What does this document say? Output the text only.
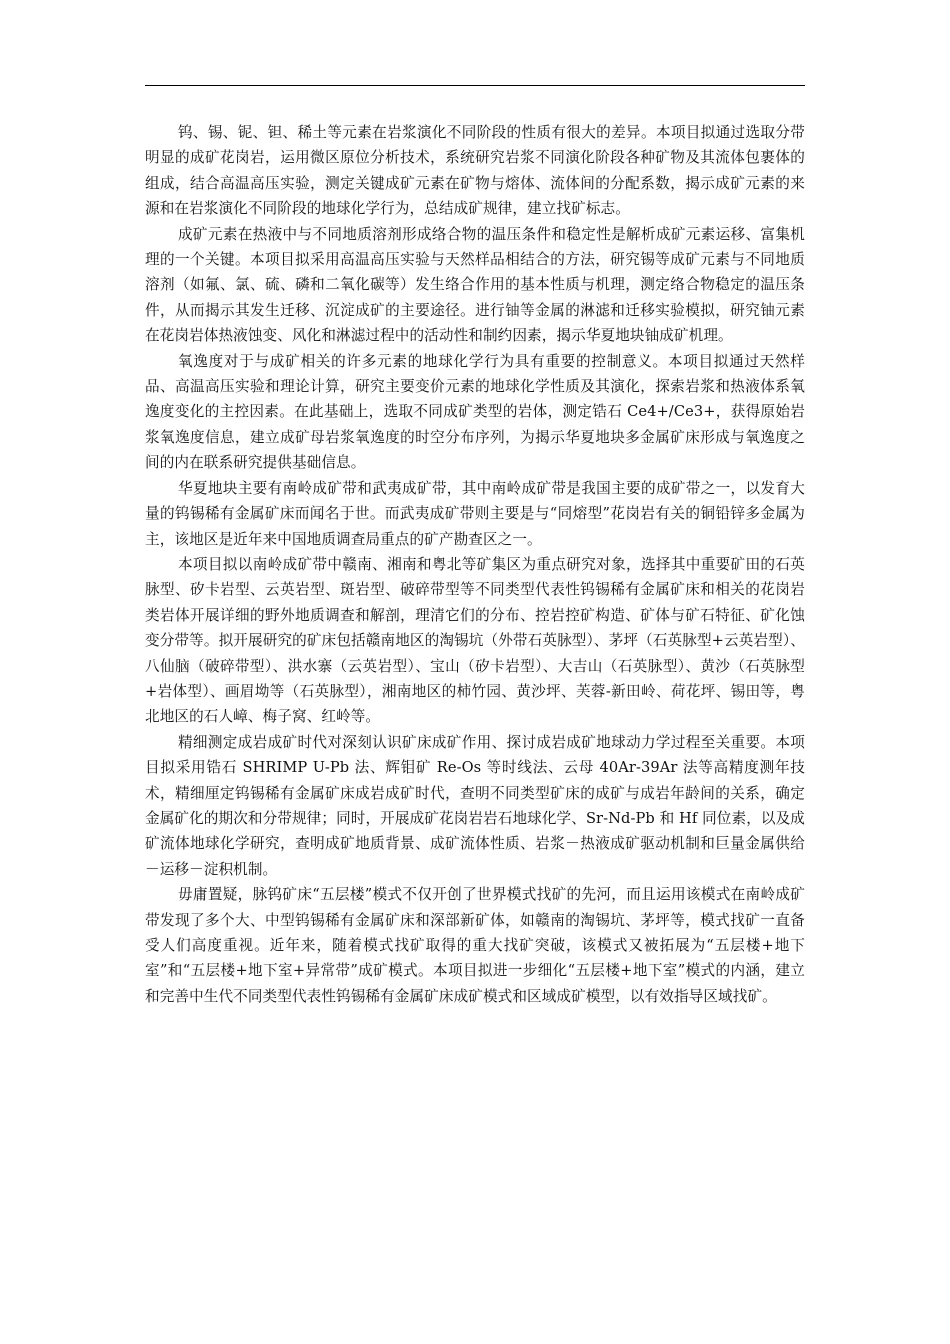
钨、锡、铌、钽、稀土等元素在岩浆演化不同阶段的性质有很大的差异。本项目拟通过选取分带明显的成矿花岗岩，运用微区原位分析技术，系统研究岩浆不同演化阶段各种矿物及其流体包裹体的组成，结合高温高压实验，测定关键成矿元素在矿物与熔体、流体间的分配系数，揭示成矿元素的来源和在岩浆演化不同阶段的地球化学行为，总结成矿规律，建立找矿标志。

成矿元素在热液中与不同地质溶剂形成络合物的温压条件和稳定性是解析成矿元素运移、富集机理的一个关键。本项目拟采用高温高压实验与天然样品相结合的方法，研究锡等成矿元素与不同地质溶剂（如氟、氯、硫、磷和二氧化碳等）发生络合作用的基本性质与机理，测定络合物稳定的温压条件，从而揭示其发生迁移、沉淀成矿的主要途径。进行铀等金属的淋滤和迁移实验模拟，研究铀元素在花岗岩体热液蚀变、风化和淋滤过程中的活动性和制约因素，揭示华夏地块铀成矿机理。

氧逸度对于与成矿相关的许多元素的地球化学行为具有重要的控制意义。本项目拟通过天然样品、高温高压实验和理论计算，研究主要变价元素的地球化学性质及其演化，探索岩浆和热液体系氧逸度变化的主控因素。在此基础上，选取不同成矿类型的岩体，测定锆石 Ce4+/Ce3+，获得原始岩浆氧逸度信息，建立成矿母岩浆氧逸度的时空分布序列，为揭示华夏地块多金属矿床形成与氧逸度之间的内在联系研究提供基础信息。

华夏地块主要有南岭成矿带和武夷成矿带，其中南岭成矿带是我国主要的成矿带之一，以发育大量的钨锡稀有金属矿床而闻名于世。而武夷成矿带则主要是与“同熔型”花岗岩有关的铜铅锌多金属为主，该地区是近年来中国地质调查局重点的矿产勘查区之一。

本项目拟以南岭成矿带中赣南、湘南和粤北等矿集区为重点研究对象，选择其中重要矿田的石英脉型、矽卡岩型、云英岩型、斑岩型、破碎带型等不同类型代表性钨锡稀有金属矿床和相关的花岗岩类岩体开展详细的野外地质调查和解剖，理清它们的分布、控岩控矿构造、矿体与矿石特征、矿化蚀变分带等。拟开展研究的矿床包括赣南地区的淘锡坑（外带石英脉型）、茅坪（石英脉型+云英岩型）、八仙脑（破碎带型）、洪水寨（云英岩型）、宝山（矽卡岩型）、大吉山（石英脉型）、黄沙（石英脉型+岩体型）、画眉坳等（石英脉型），湘南地区的柿竹园、黄沙坪、芙蓉-新田岭、荷花坪、锡田等，粤北地区的石人嶂、梅子窝、红岭等。

精细测定成岩成矿时代对深刻认识矿床成矿作用、探讨成岩成矿地球动力学过程至关重要。本项目拟采用锆石 SHRIMP U-Pb 法、辉钼矿 Re-Os 等时线法、云母 40Ar-39Ar 法等高精度测年技术，精细厘定钨锡稀有金属矿床成岩成矿时代，查明不同类型矿床的成矿与成岩年龄间的关系，确定金属矿化的期次和分带规律；同时，开展成矿花岗岩岩石地球化学、Sr-Nd-Pb 和 Hf 同位素，以及成矿流体地球化学研究，查明成矿地质背景、成矿流体性质、岩浆－热液成矿驱动机制和巨量金属供给－运移－淀积机制。

毋庸置疑，脉钨矿床“五层楼”模式不仅开创了世界模式找矿的先河，而且运用该模式在南岭成矿带发现了多个大、中型钨锡稀有金属矿床和深部新矿体，如赣南的淘锡坑、茅坪等，模式找矿一直备受人们高度重视。近年来，随着模式找矿取得的重大找矿突破，该模式又被拓展为“五层楼+地下室”和“五层楼+地下室+异常带”成矿模式。本项目拟进一步细化“五层楼+地下室”模式的内涵，建立和完善中生代不同类型代表性钨锡稀有金属矿床成矿模式和区域成矿模型，以有效指导区域找矿。
